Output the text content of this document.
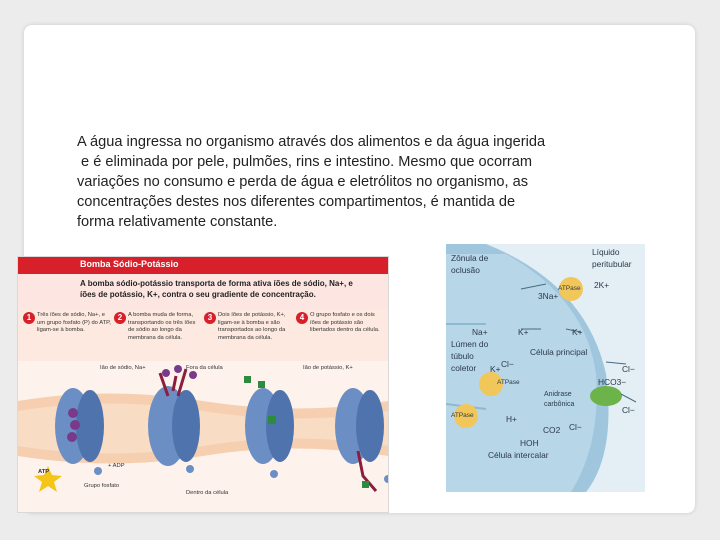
A água ingressa no organismo através dos alimentos e da água ingerida
e é eliminada por pele, pulmões, rins e intestino. Mesmo que ocorram
variações no consumo e perda de água e eletrólitos no organismo, as
concentrações destes nos diferentes compartimentos, é mantida de
forma relativamente constante.
Bomba Sódio-Potássio
A bomba sódio-potássio transporta de forma ativa íões de sódio, Na+, e íões de potássio, K+, contra o seu gradiente de concentração.
1 Três íões de sódio, Na+, e um grupo fosfato (P) do ATP, ligam-se à bomba.
2 A bomba muda de forma, transportando os três íões de sódio ao longo da membrana da célula.
3 Dois íões de potássio, K+, ligam-se à bomba e são transportados ao longo da membrana da célula.
4 O grupo fosfato e os dois íões de potássio são libertados dentro da célula.
Ião de sódio, Na+	Fora da célula	Ião de potássio, K+
ATP
+ ADP
Grupo fosfato
Dentro da célula
Zônula de
oclusão
Líquido
peritubular
ATPase 2K+
3Na+
Na+	K+	K+
Lúmen do
túbulo
coletor	Cl−
Célula principal
K+	Cl−
ATPase	HCO3−
Anidrase
carbônica
Cl−
ATPase	H+
Cl−
HOH
CO2
Célula intercalar
